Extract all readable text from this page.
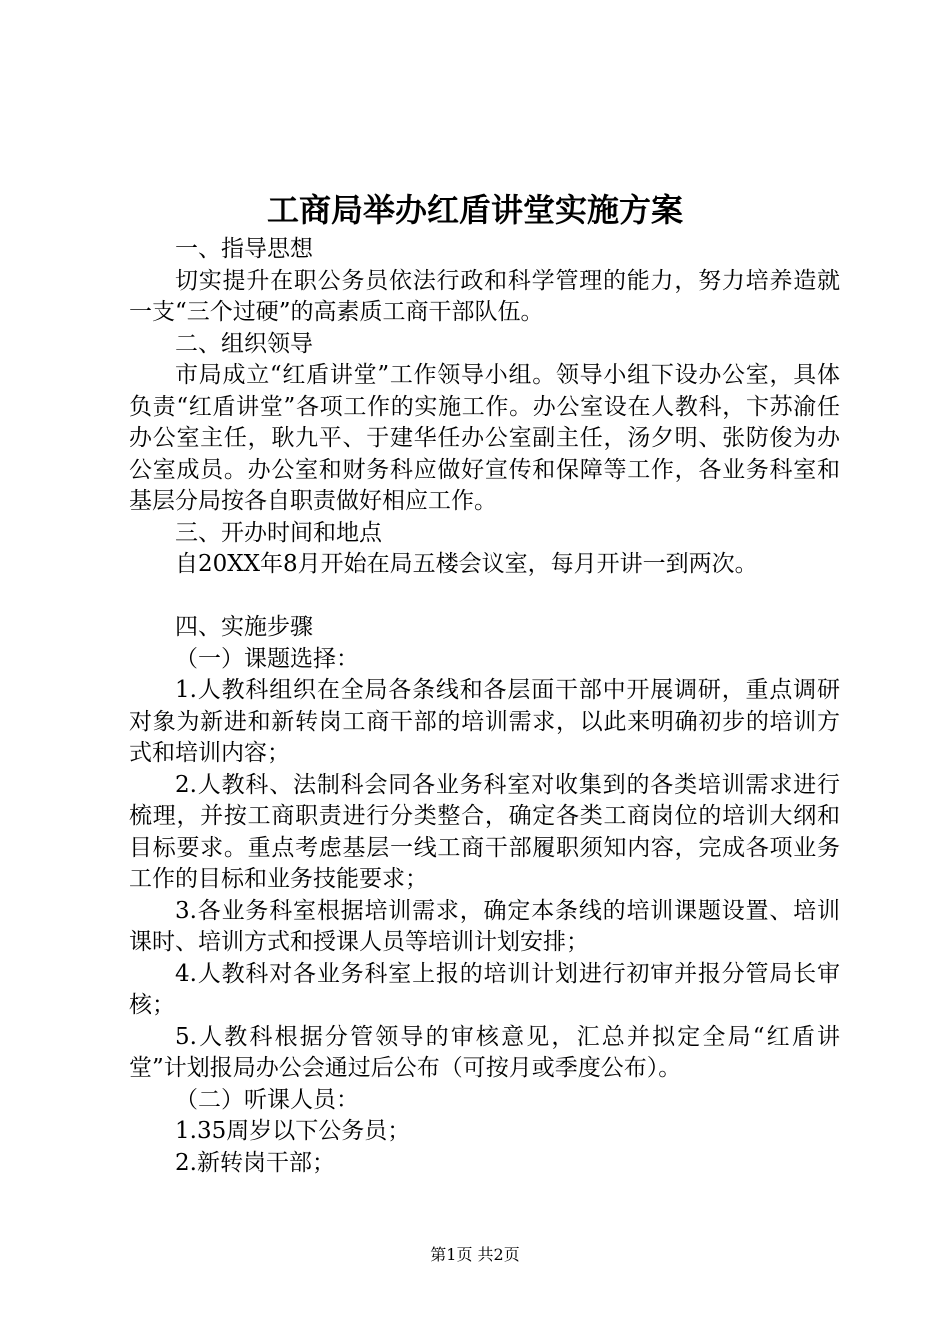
工商局举办红盾讲堂实施方案

一、指导思想

切实提升在职公务员依法行政和科学管理的能力，努力培养造就一支“三个过硬”的高素质工商干部队伍。

二、组织领导

市局成立“红盾讲堂”工作领导小组。领导小组下设办公室，具体负责“红盾讲堂”各项工作的实施工作。办公室设在人教科，卞苏渝任办公室主任，耿九平、于建华任办公室副主任，汤夕明、张防俊为办公室成员。办公室和财务科应做好宣传和保障等工作，各业务科室和基层分局按各自职责做好相应工作。

三、开办时间和地点

自20XX年8月开始在局五楼会议室，每月开讲一到两次。

四、实施步骤

（一）课题选择：

1.人教科组织在全局各条线和各层面干部中开展调研，重点调研对象为新进和新转岗工商干部的培训需求，以此来明确初步的培训方式和培训内容；

2.人教科、法制科会同各业务科室对收集到的各类培训需求进行梳理，并按工商职责进行分类整合，确定各类工商岗位的培训大纲和目标要求。重点考虑基层一线工商干部履职须知内容，完成各项业务工作的目标和业务技能要求；

3.各业务科室根据培训需求，确定本条线的培训课题设置、培训课时、培训方式和授课人员等培训计划安排；

4.人教科对各业务科室上报的培训计划进行初审并报分管局长审核；

5.人教科根据分管领导的审核意见，汇总并拟定全局“红盾讲堂”计划报局办公会通过后公布（可按月或季度公布）。

（二）听课人员：

1.35周岁以下公务员；

2.新转岗干部；

第1页 共2页
